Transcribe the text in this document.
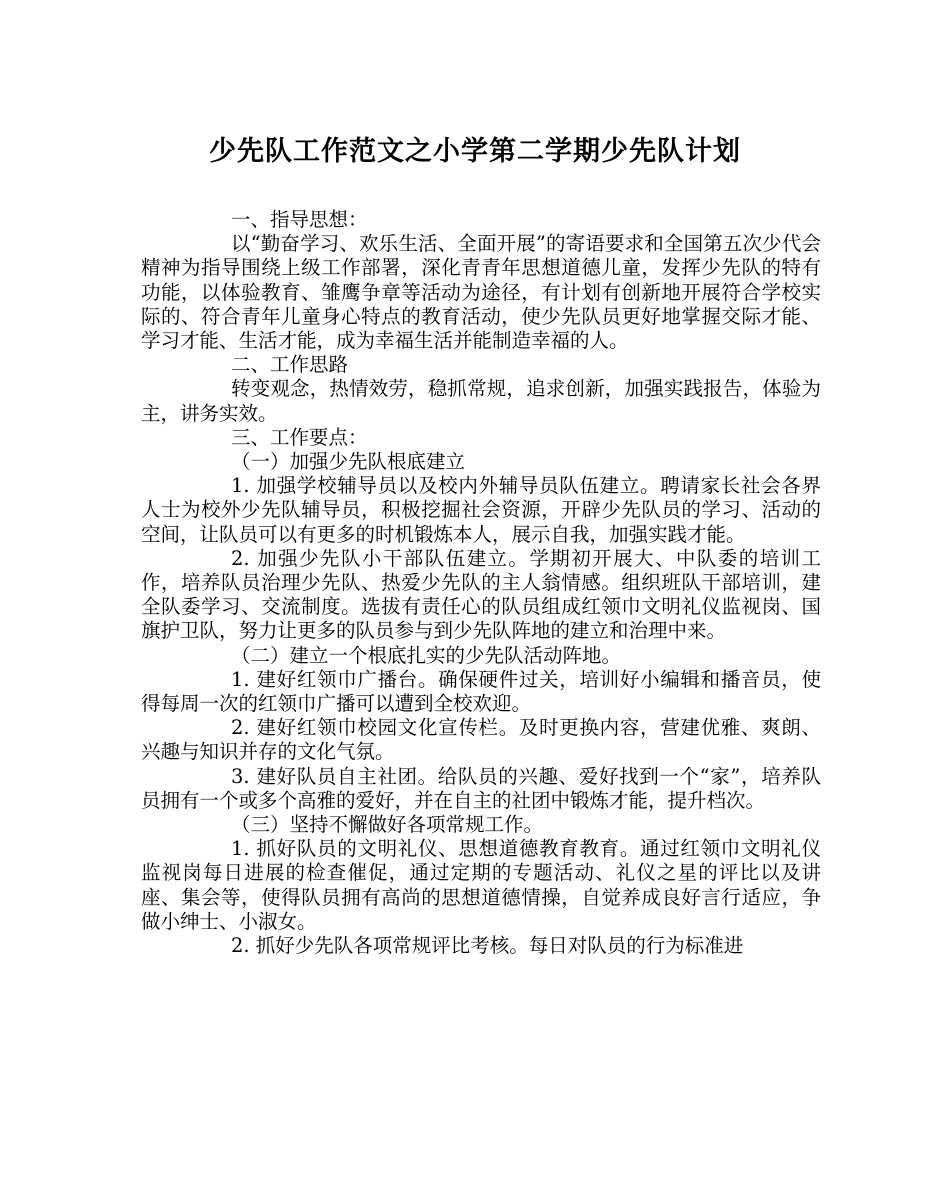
少先队工作范文之小学第二学期少先队计划

一、指导思想：

以“勤奋学习、欢乐生活、全面开展”的寄语要求和全国第五次少代会精神为指导围绕上级工作部署，深化青青年思想道德儿童，发挥少先队的特有功能，以体验教育、雏鹰争章等活动为途径，有计划有创新地开展符合学校实际的、符合青年儿童身心特点的教育活动，使少先队员更好地掌握交际才能、学习才能、生活才能，成为幸福生活并能制造幸福的人。

二、工作思路

转变观念，热情效劳，稳抓常规，追求创新，加强实践报告，体验为主，讲务实效。

三、工作要点：

（一）加强少先队根底建立

1. 加强学校辅导员以及校内外辅导员队伍建立。聘请家长社会各界人士为校外少先队辅导员，积极挖掘社会资源，开辟少先队员的学习、活动的空间，让队员可以有更多的时机锻炼本人，展示自我，加强实践才能。

2. 加强少先队小干部队伍建立。学期初开展大、中队委的培训工作，培养队员治理少先队、热爱少先队的主人翁情感。组织班队干部培训，建全队委学习、交流制度。选拔有责任心的队员组成红领巾文明礼仪监视岗、国旗护卫队，努力让更多的队员参与到少先队阵地的建立和治理中来。

（二）建立一个根底扎实的少先队活动阵地。

1. 建好红领巾广播台。确保硬件过关，培训好小编辑和播音员，使得每周一次的红领巾广播可以遭到全校欢迎。

2. 建好红领巾校园文化宣传栏。及时更换内容，营建优雅、爽朗、兴趣与知识并存的文化气氛。

3. 建好队员自主社团。给队员的兴趣、爱好找到一个“家”，培养队员拥有一个或多个高雅的爱好，并在自主的社团中锻炼才能，提升档次。

（三）坚持不懈做好各项常规工作。

1. 抓好队员的文明礼仪、思想道德教育教育。通过红领巾文明礼仪监视岗每日进展的检查催促，通过定期的专题活动、礼仪之星的评比以及讲座、集会等，使得队员拥有高尚的思想道德情操，自觉养成良好言行适应，争做小绅士、小淑女。

2. 抓好少先队各项常规评比考核。每日对队员的行为标准进
